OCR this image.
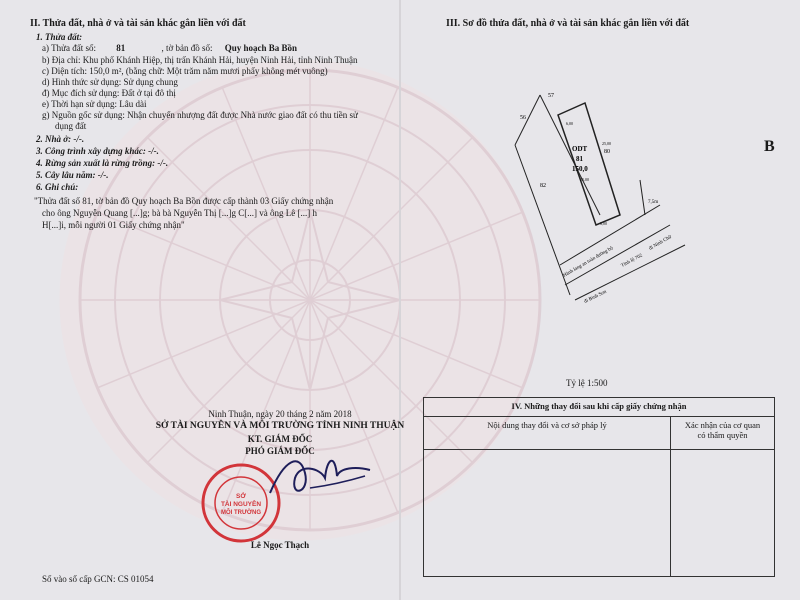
II. Thửa đất, nhà ở và tài sản khác gắn liền với đất
1. Thửa đất:
a) Thửa đất số: 81	, tờ bản đồ số: Quy hoạch Ba Bồn
b) Địa chỉ: Khu phố Khánh Hiệp, thị trấn Khánh Hải, huyện Ninh Hải, tỉnh Ninh Thuận
c) Diện tích: 150,0 m², (bằng chữ: Một trăm năm mươi phẩy không mét vuông)
d) Hình thức sử dụng: Sử dụng chung
đ) Mục đích sử dụng: Đất ở tại đô thị
e) Thời hạn sử dụng: Lâu dài
g) Nguồn gốc sử dụng: Nhận chuyển nhượng đất được Nhà nước giao đất có thu tiền sử
dụng đất
2. Nhà ở: -/-.
3. Công trình xây dựng khác: -/-.
4. Rừng sản xuất là rừng trồng: -/-.
5. Cây lâu năm: -/-.
6. Ghi chú:
"Thửa đất số 81, tờ bản đồ Quy hoạch Ba Bồn được cấp thành 03 Giấy chứng nhận
cho ông Nguyễn Quang [...]g; bà bà Nguyễn Thị [...]g C[...] và ông Lê [...] h
H[...]i, mỗi người 01 Giấy chứng nhận"
Ninh Thuận, ngày 20 tháng 2 năm 2018
SỞ TÀI NGUYÊN VÀ MÔI TRƯỜNG TỈNH NINH THUẬN
KT. GIÁM ĐỐC
PHÓ GIÁM ĐỐC
SỞ
TÀI NGUYÊN
MÔI TRƯỜNG
Lê Ngọc Thạch
Số vào sổ cấp GCN: CS 01054
III. Sơ đồ thửa đất, nhà ở và tài sản khác gắn liền với đất
B
57
56
80
82
ODT
81
150,0
6,00
25,00
25,00
6,00
7,5m
Hành lang an toàn đường bộ Tỉnh lộ 702
đi Bình Sơn
đi Ninh Chữ
Tỷ lệ 1:500
IV. Những thay đổi sau khi cấp giấy chứng nhận	
Nội dung thay đổi và cơ sở pháp lý	Xác nhận của cơ quan
có thẩm quyền
